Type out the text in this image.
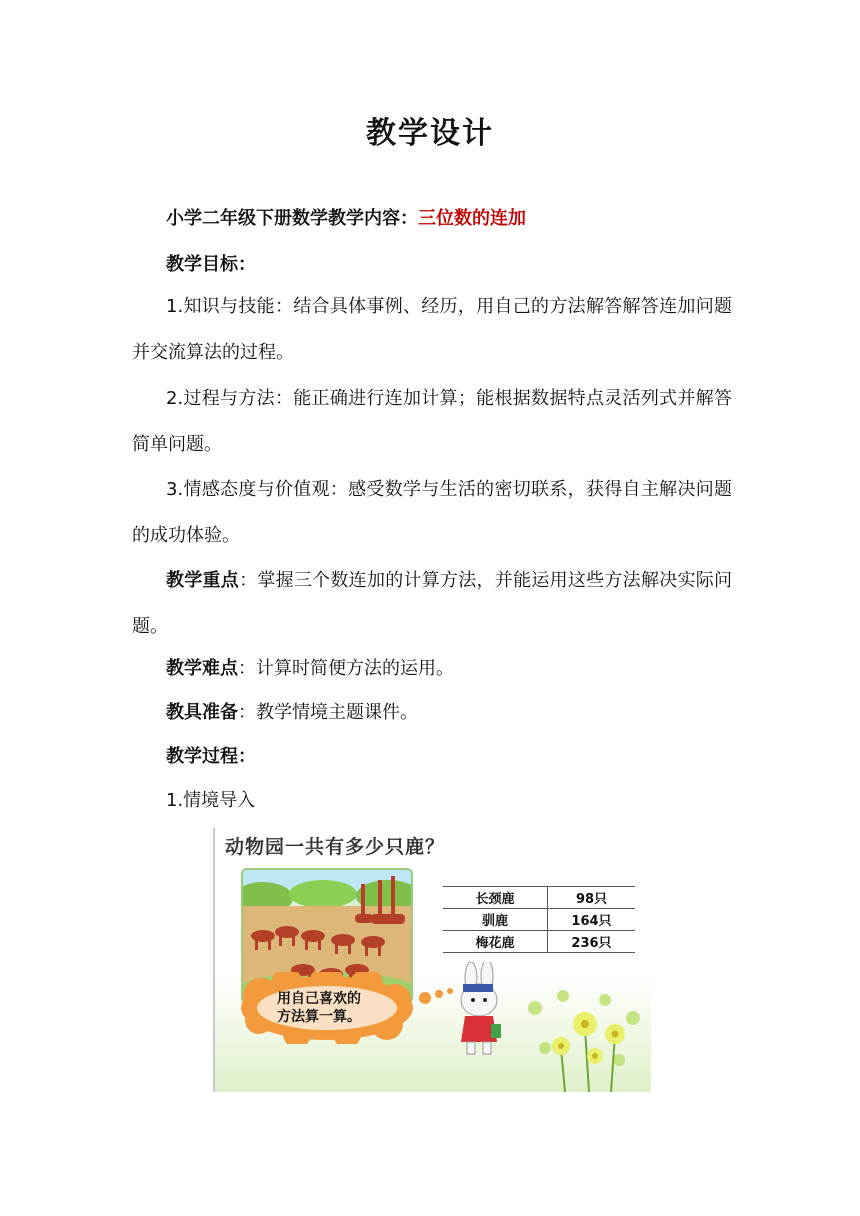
教学设计

小学二年级下册数学教学内容：三位数的连加

教学目标：

1.知识与技能：结合具体事例、经历，用自己的方法解答解答连加问题并交流算法的过程。

2.过程与方法：能正确进行连加计算；能根据数据特点灵活列式并解答简单问题。

3.情感态度与价值观：感受数学与生活的密切联系，获得自主解决问题的成功体验。

教学重点：掌握三个数连加的计算方法，并能运用这些方法解决实际问题。

教学难点：计算时简便方法的运用。

教具准备：教学情境主题课件。

教学过程：

1.情境导入

动物园一共有多少只鹿？
长颈鹿	98只
驯鹿	164只
梅花鹿	236只
用自己喜欢的
方法算一算。
